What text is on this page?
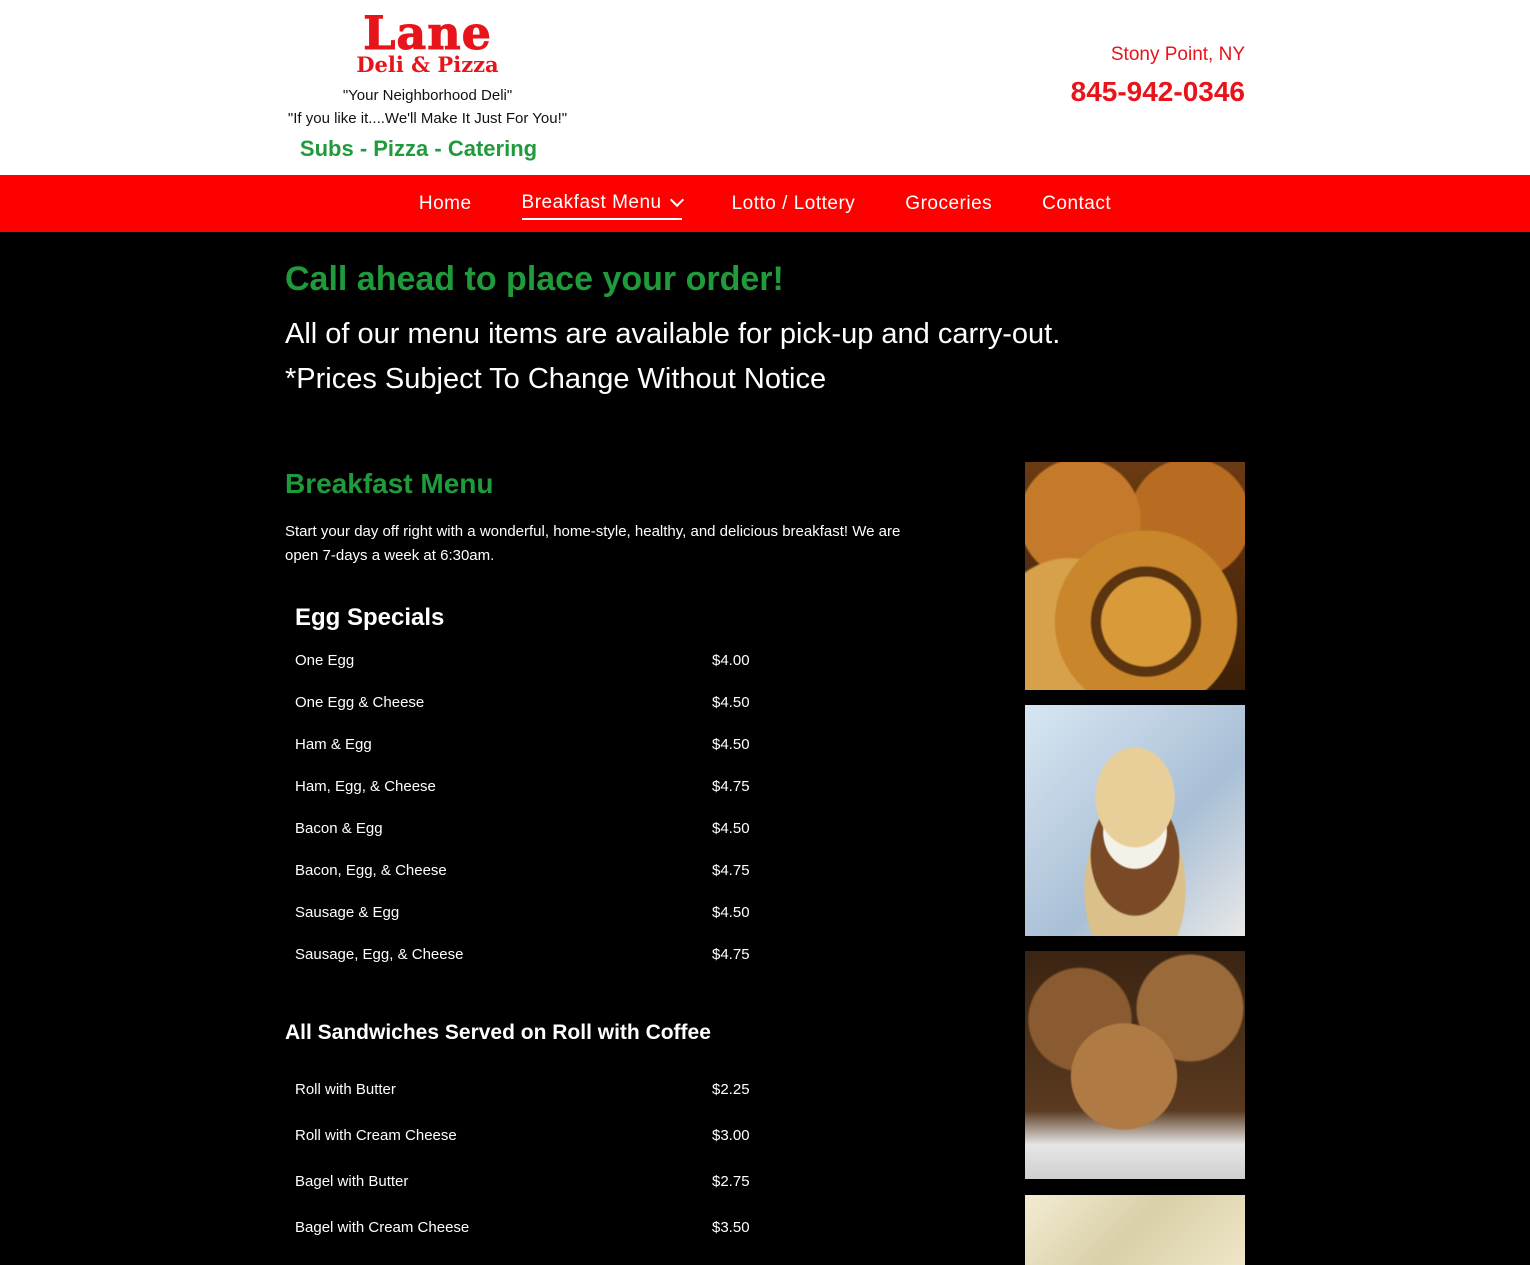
Lane
Deli & Pizza
"Your Neighborhood Deli"
"If you like it....We'll Make It Just For You!"
Subs - Pizza - Catering
Stony Point, NY
845-942-0346
Home	Breakfast Menu	Lotto / Lottery	Groceries	Contact
Call ahead to place your order!
All of our menu items are available for pick-up and carry-out.
*Prices Subject To Change Without Notice
Breakfast Menu
Start your day off right with a wonderful, home-style, healthy, and delicious breakfast! We are open 7-days a week at 6:30am.
Egg Specials
One Egg	$4.00
One Egg & Cheese	$4.50
Ham & Egg	$4.50
Ham, Egg, & Cheese	$4.75
Bacon & Egg	$4.50
Bacon, Egg, & Cheese	$4.75
Sausage & Egg	$4.50
Sausage, Egg, & Cheese	$4.75
All Sandwiches Served on Roll with Coffee
Roll with Butter	$2.25
Roll with Cream Cheese	$3.00
Bagel with Butter	$2.75
Bagel with Cream Cheese	$3.50
